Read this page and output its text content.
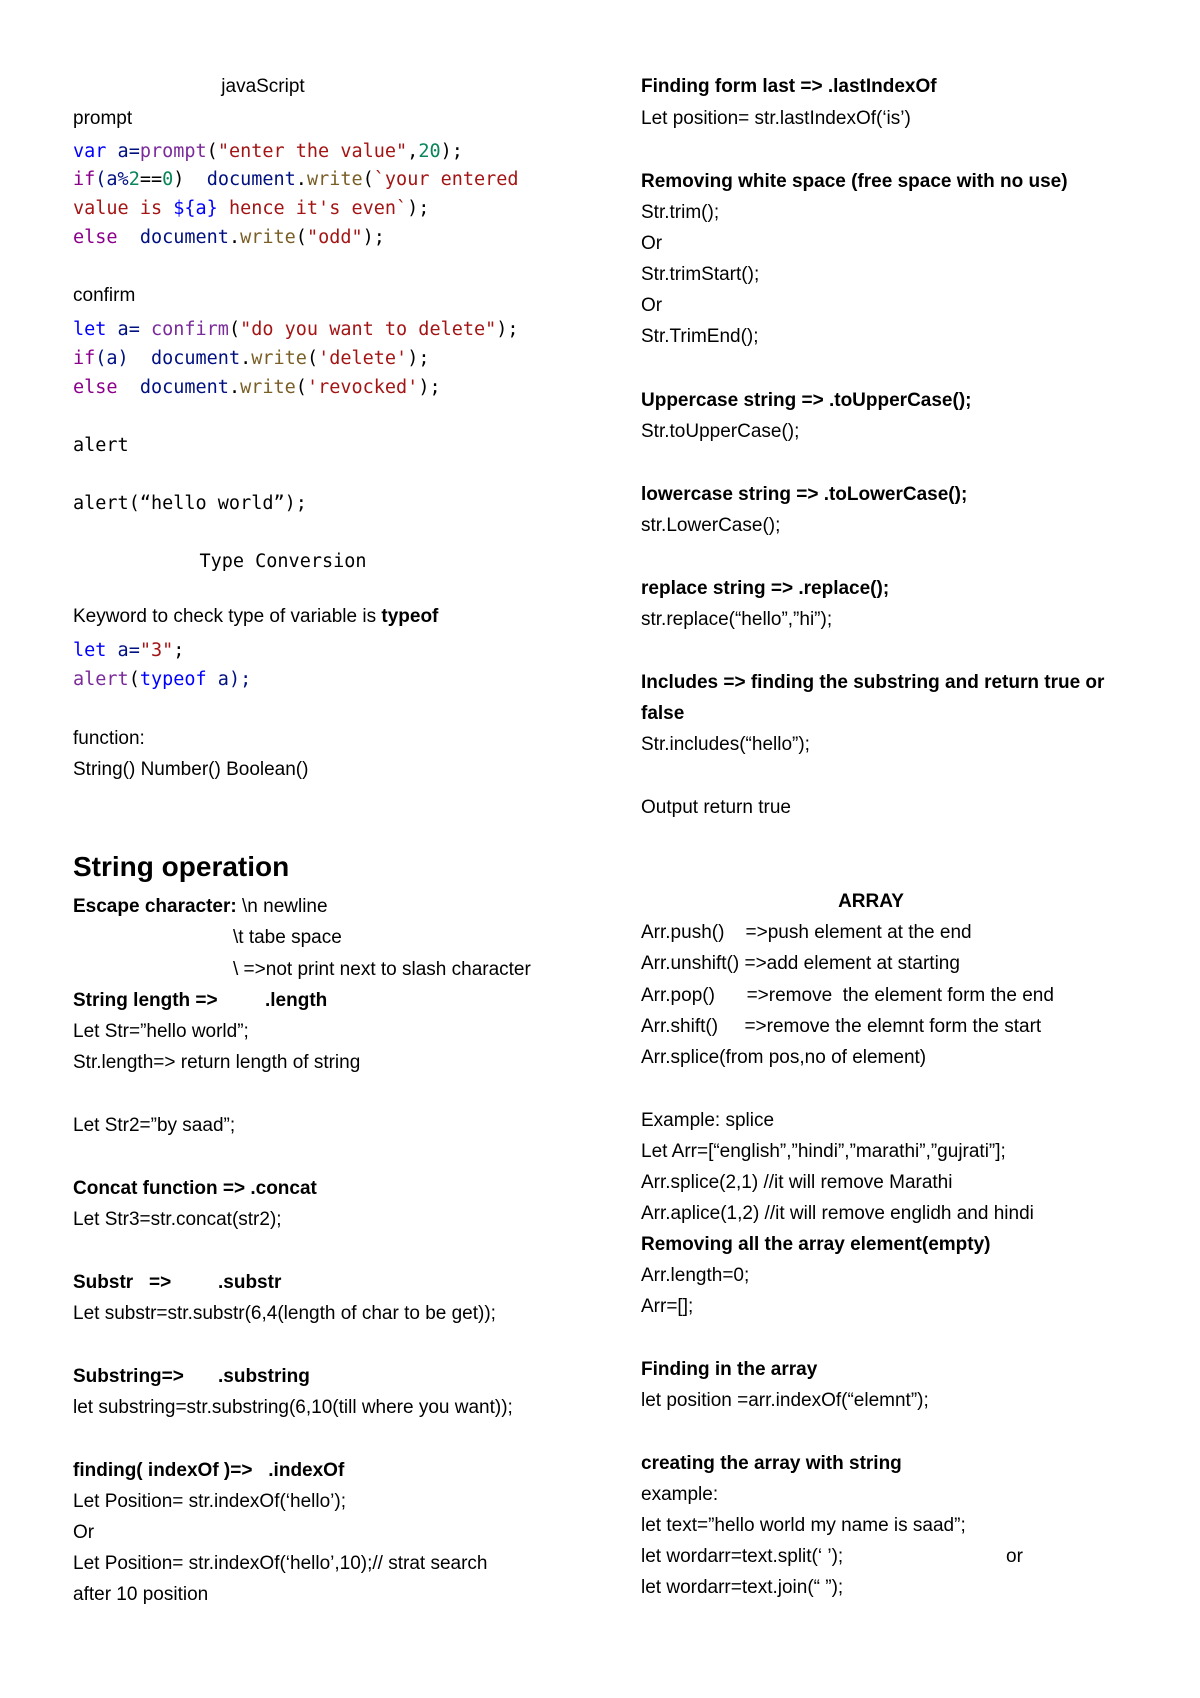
javaScript
prompt
var a=prompt("enter the value",20);
if(a%2==0)  document.write(`your entered
value is ${a} hence it's even`);
else document.write("odd");
confirm
let a= confirm("do you want to delete");
if(a)  document.write('delete');
else document.write('revocked');
alert
alert(“hello world”);
Type Conversion
Keyword to check type of variable is typeof
let a="3";
alert(typeof a);
function:
String() Number() Boolean()
String operation
Escape character: \n newline
\t tabe space
\ =>not print next to slash character
String length => .length
Let Str=”hello world”;
Str.length=> return length of string
Let Str2=”by saad”;
Concat function => .concat
Let Str3=str.concat(str2);
Substr   => .substr
Let substr=str.substr(6,4(length of char to be get));
Substring=> .substring
let substring=str.substring(6,10(till where you want));
finding( indexOf )=>   .indexOf
Let Position= str.indexOf(‘hello’);
Or
Let Position= str.indexOf(‘hello’,10);// strat search
after 10 position
Finding form last => .lastIndexOf
Let position= str.lastIndexOf(‘is’)
Removing white space (free space with no use)
Str.trim();
Or
Str.trimStart();
Or
Str.TrimEnd();
Uppercase string => .toUpperCase();
Str.toUpperCase();
lowercase string => .toLowerCase();
str.LowerCase();
replace string => .replace();
str.replace(“hello”,”hi”);
Includes => finding the substring and return true or
false
Str.includes(“hello”);
Output return true
ARRAY
Arr.push()    =>push element at the end
Arr.unshift() =>add element at starting
Arr.pop()      =>remove  the element form the end
Arr.shift()     =>remove the elemnt form the start
Arr.splice(from pos,no of element)
Example: splice
Let Arr=[“english”,”hindi”,”marathi”,”gujrati”];
Arr.splice(2,1) //it will remove Marathi
Arr.aplice(1,2) //it will remove englidh and hindi
Removing all the array element(empty)
Arr.length=0;
Arr=[];
Finding in the array
let position =arr.indexOf(“elemnt”);
creating the array with string
example:
let text=”hello world my name is saad”;
let wordarr=text.split(‘ ’);	or
let wordarr=text.join(“ ”);
